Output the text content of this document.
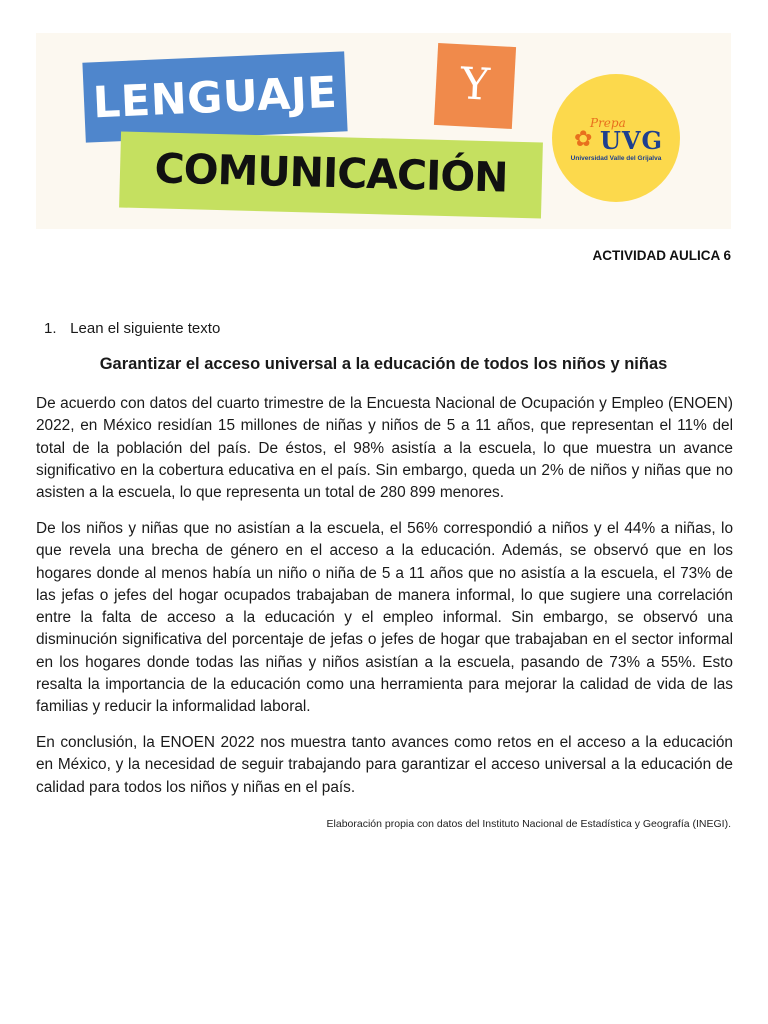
LENGUAJE	Y
COMUNICACIÓN
Prepa
✿ UVG
Universidad Valle del Grijalva
ACTIVIDAD AULICA 6
1. Lean el siguiente texto
Garantizar el acceso universal a la educación de todos los niños y niñas

De acuerdo con datos del cuarto trimestre de la Encuesta Nacional de Ocupación y Empleo (ENOEN) 2022, en México residían 15 millones de niñas y niños de 5 a 11 años, que representan el 11% del total de la población del país. De éstos, el 98% asistía a la escuela, lo que muestra un avance significativo en la cobertura educativa en el país. Sin embargo, queda un 2% de niños y niñas que no asisten a la escuela, lo que representa un total de 280 899 menores.

De los niños y niñas que no asistían a la escuela, el 56% correspondió a niños y el 44% a niñas, lo que revela una brecha de género en el acceso a la educación. Además, se observó que en los hogares donde al menos había un niño o niña de 5 a 11 años que no asistía a la escuela, el 73% de las jefas o jefes del hogar ocupados trabajaban de manera informal, lo que sugiere una correlación entre la falta de acceso a la educación y el empleo informal. Sin embargo, se observó una disminución significativa del porcentaje de jefas o jefes de hogar que trabajaban en el sector informal en los hogares donde todas las niñas y niños asistían a la escuela, pasando de 73% a 55%. Esto resalta la importancia de la educación como una herramienta para mejorar la calidad de vida de las familias y reducir la informalidad laboral.

En conclusión, la ENOEN 2022 nos muestra tanto avances como retos en el acceso a la educación en México, y la necesidad de seguir trabajando para garantizar el acceso universal a la educación de calidad para todos los niños y niñas en el país.

Elaboración propia con datos del Instituto Nacional de Estadística y Geografía (INEGI).
